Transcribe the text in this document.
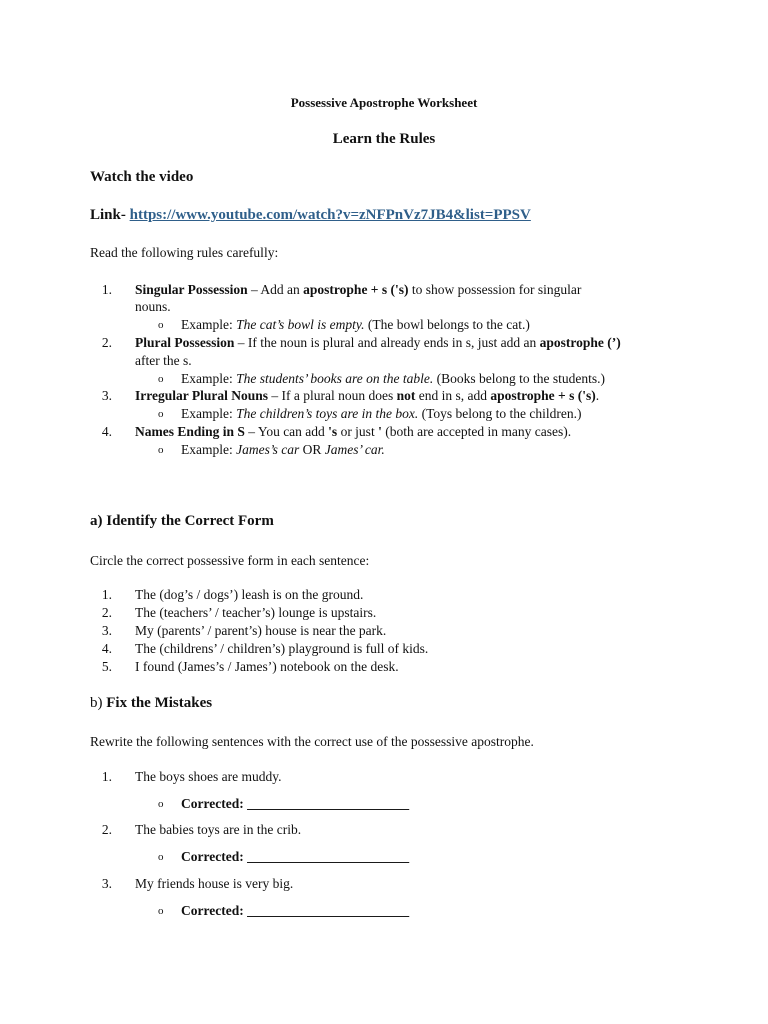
Possessive Apostrophe Worksheet
Learn the Rules
Watch the video
Link- https://www.youtube.com/watch?v=zNFPnVz7JB4&list=PPSV
Read the following rules carefully:
1. Singular Possession – Add an apostrophe + s ('s) to show possession for singular
nouns.
o Example: The cat’s bowl is empty. (The bowl belongs to the cat.)
2. Plural Possession – If the noun is plural and already ends in s, just add an apostrophe (’)
after the s.
o Example: The students’ books are on the table. (Books belong to the students.)
3. Irregular Plural Nouns – If a plural noun does not end in s, add apostrophe + s ('s).
o Example: The children’s toys are in the box. (Toys belong to the children.)
4. Names Ending in S – You can add 's or just ' (both are accepted in many cases).
o Example: James’s car OR James’ car.
a) Identify the Correct Form
Circle the correct possessive form in each sentence:
1. The (dog’s / dogs’) leash is on the ground.
2. The (teachers’ / teacher’s) lounge is upstairs.
3. My (parents’ / parent’s) house is near the park.
4. The (childrens’ / children’s) playground is full of kids.
5. I found (James’s / James’) notebook on the desk.
b) Fix the Mistakes
Rewrite the following sentences with the correct use of the possessive apostrophe.
1. The boys shoes are muddy.
o Corrected: ________________________
2. The babies toys are in the crib.
o Corrected: ________________________
3. My friends house is very big.
o Corrected: ________________________
